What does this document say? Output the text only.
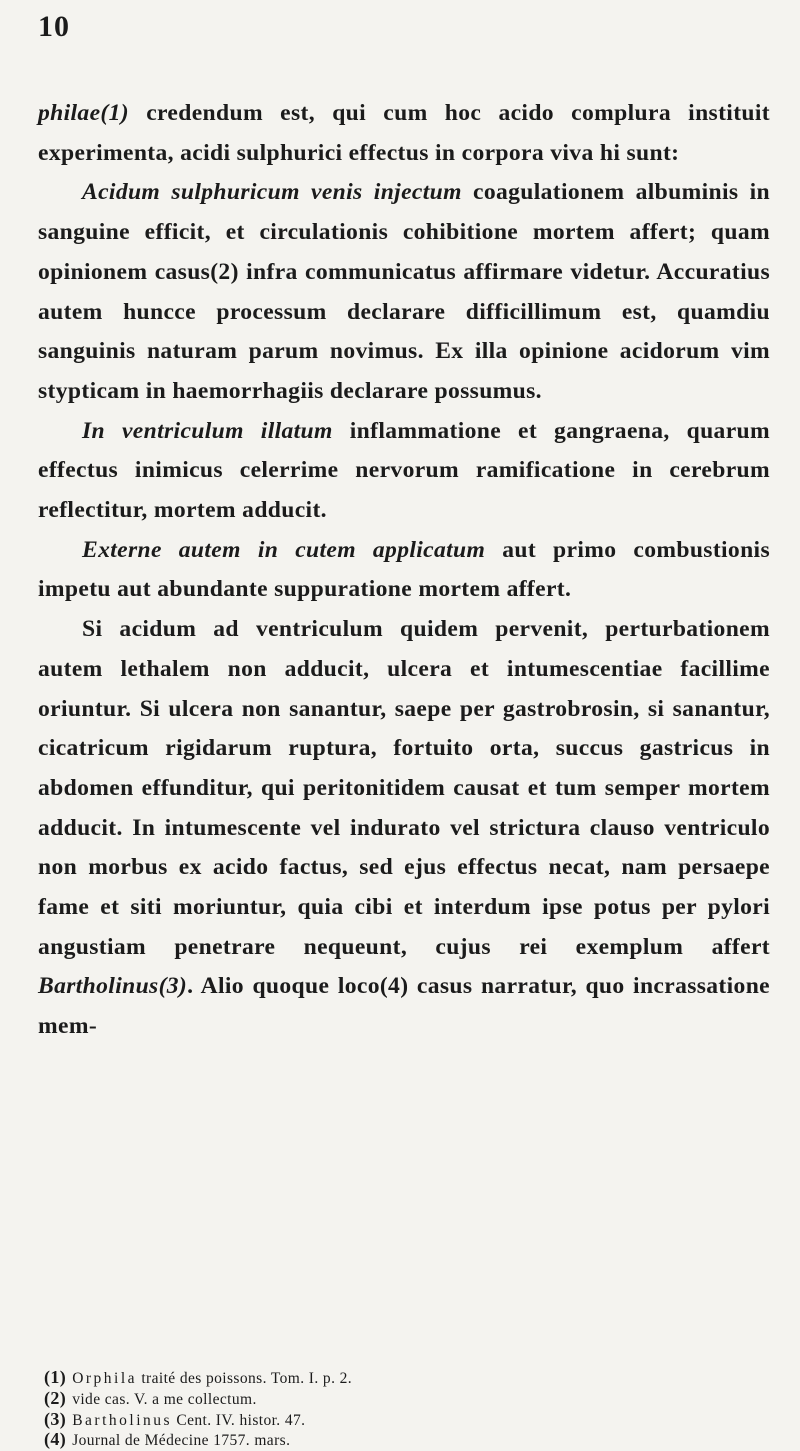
10

philae(1) credendum est, qui cum hoc acido complura instituit experimenta, acidi sulphurici effectus in corpora viva hi sunt:

Acidum sulphuricum venis injectum coagulationem albuminis in sanguine efficit, et circulationis cohibitione mortem affert; quam opinionem casus(2) infra communicatus affirmare videtur. Accuratius autem huncce processum declarare difficillimum est, quamdiu sanguinis naturam parum novimus. Ex illa opinione acidorum vim stypticam in haemorrhagiis declarare possumus.

In ventriculum illatum inflammatione et gangraena, quarum effectus inimicus celerrime nervorum ramificatione in cerebrum reflectitur, mortem adducit.

Externe autem in cutem applicatum aut primo combustionis impetu aut abundante suppuratione mortem affert.

Si acidum ad ventriculum quidem pervenit, perturbationem autem lethalem non adducit, ulcera et intumescentiae facillime oriuntur. Si ulcera non sanantur, saepe per gastrobrosin, si sanantur, cicatricum rigidarum ruptura, fortuito orta, succus gastricus in abdomen effunditur, qui peritonitidem causat et tum semper mortem adducit. In intumescente vel indurato vel strictura clauso ventriculo non morbus ex acido factus, sed ejus effectus necat, nam persaepe fame et siti moriuntur, quia cibi et interdum ipse potus per pylori angustiam penetrare nequeunt, cujus rei exemplum affert Bartholinus(3). Alio quoque loco(4) casus narratur, quo incrassatione mem-

(1) Orphila traité des poissons. Tom. I. p. 2.
(2) vide cas. V. a me collectum.
(3) Bartholinus Cent. IV. histor. 47.
(4) Journal de Médecine 1757. mars.
